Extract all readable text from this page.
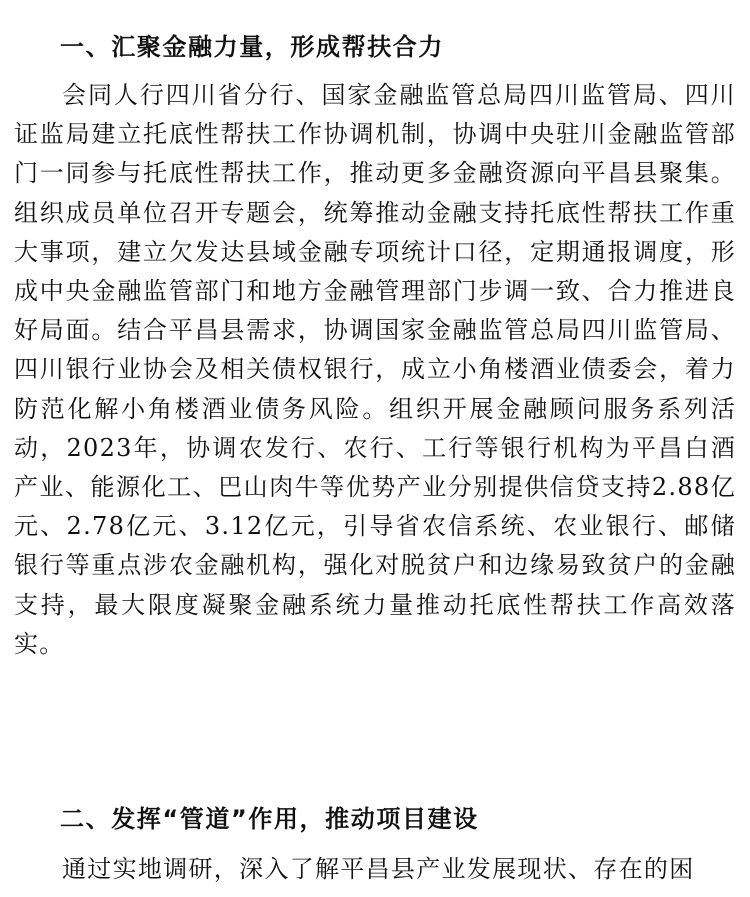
一、汇聚金融力量，形成帮扶合力

会同人行四川省分行、国家金融监管总局四川监管局、四川证监局建立托底性帮扶工作协调机制，协调中央驻川金融监管部门一同参与托底性帮扶工作，推动更多金融资源向平昌县聚集。组织成员单位召开专题会，统筹推动金融支持托底性帮扶工作重大事项，建立欠发达县域金融专项统计口径，定期通报调度，形成中央金融监管部门和地方金融管理部门步调一致、合力推进良好局面。结合平昌县需求，协调国家金融监管总局四川监管局、四川银行业协会及相关债权银行，成立小角楼酒业债委会，着力防范化解小角楼酒业债务风险。组织开展金融顾问服务系列活动，2023年，协调农发行、农行、工行等银行机构为平昌白酒产业、能源化工、巴山肉牛等优势产业分别提供信贷支持2.88亿元、2.78亿元、3.12亿元，引导省农信系统、农业银行、邮储银行等重点涉农金融机构，强化对脱贫户和边缘易致贫户的金融支持，最大限度凝聚金融系统力量推动托底性帮扶工作高效落实。

二、发挥“管道”作用，推动项目建设

通过实地调研，深入了解平昌县产业发展现状、存在的困
